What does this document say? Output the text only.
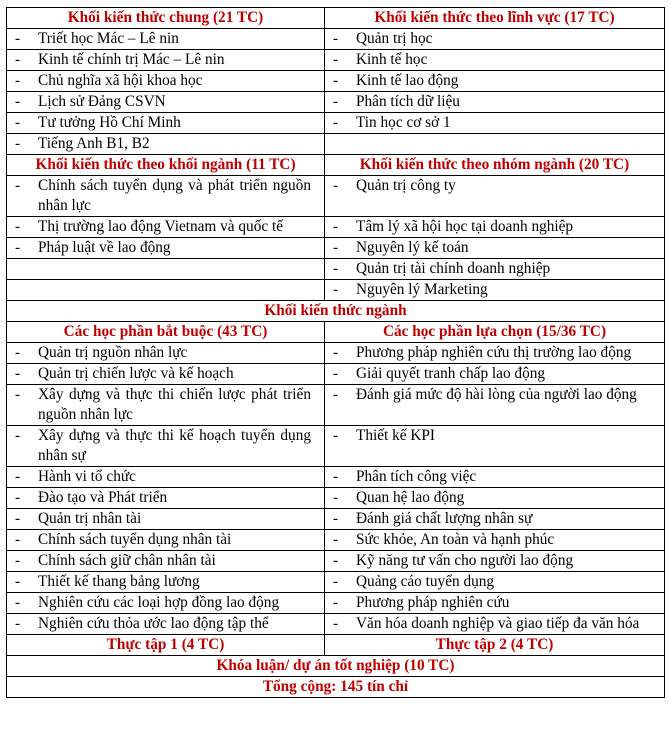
Khối kiến thức chung (21 TC)	Khối kiến thức theo lĩnh vực (17 TC)
- Triết học Mác – Lê nin	- Quản trị học
- Kinh tế chính trị Mác – Lê nin	- Kinh tế học
- Chủ nghĩa xã hội khoa học	- Kinh tế lao động
- Lịch sử Đảng CSVN	- Phân tích dữ liệu
- Tư tưởng Hồ Chí Minh	- Tin học cơ sở 1
- Tiếng Anh B1, B2	

Khối kiến thức theo khối ngành (11 TC)	Khối kiến thức theo nhóm ngành (20 TC)
- Chính sách tuyển dụng và phát triển nguồn nhân lực	- Quản trị công ty
- Thị trường lao động Vietnam và quốc tế	- Tâm lý xã hội học tại doanh nghiệp
- Pháp luật về lao động	- Nguyên lý kế toán

	- Quản trị tài chính doanh nghiệp

	- Nguyên lý Marketing
Khối kiến thức ngành	
Các học phần bắt buộc (43 TC)	Các học phần lựa chọn (15/36 TC)
- Quản trị nguồn nhân lực	- Phương pháp nghiên cứu thị trường lao động
- Quản trị chiến lược và kế hoạch	- Giải quyết tranh chấp lao động
- Xây dựng và thực thi chiến lược phát triển nguồn nhân lực	- Đánh giá mức độ hài lòng của người lao động
- Xây dựng và thực thi kế hoạch tuyển dụng nhân sự	- Thiết kế KPI
- Hành vi tổ chức	- Phân tích công việc
- Đào tạo và Phát triển	- Quan hệ lao động
- Quản trị nhân tài	- Đánh giá chất lượng nhân sự
- Chính sách tuyển dụng nhân tài	- Sức khỏe, An toàn và hạnh phúc
- Chính sách giữ chân nhân tài	- Kỹ năng tư vấn cho người lao động
- Thiết kế thang bảng lương	- Quảng cáo tuyển dụng
- Nghiên cứu các loại hợp đồng lao động	- Phương pháp nghiên cứu
- Nghiên cứu thỏa ước lao động tập thể	- Văn hóa doanh nghiệp và giao tiếp đa văn hóa
Thực tập 1 (4 TC)	Thực tập 2 (4 TC)
Khóa luận/ dự án tốt nghiệp (10 TC)	
Tổng cộng: 145 tín chỉ	
